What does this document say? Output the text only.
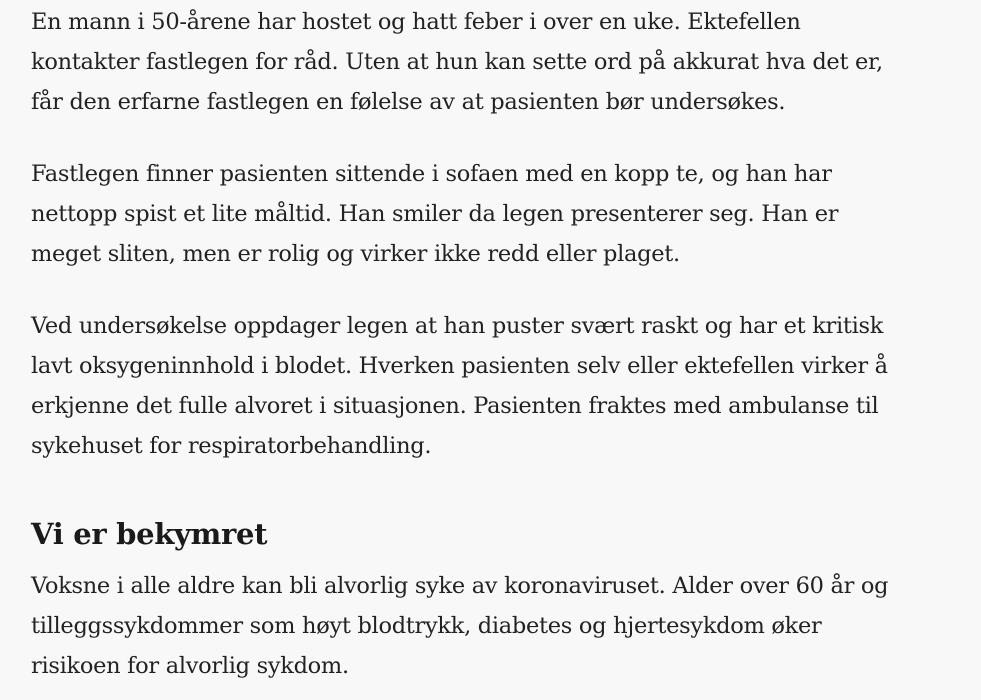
En mann i 50-årene har hostet og hatt feber i over en uke. Ektefellen
kontakter fastlegen for råd. Uten at hun kan sette ord på akkurat hva det er,
får den erfarne fastlegen en følelse av at pasienten bør undersøkes.

Fastlegen finner pasienten sittende i sofaen med en kopp te, og han har
nettopp spist et lite måltid. Han smiler da legen presenterer seg. Han er
meget sliten, men er rolig og virker ikke redd eller plaget.

Ved undersøkelse oppdager legen at han puster svært raskt og har et kritisk
lavt oksygeninnhold i blodet. Hverken pasienten selv eller ektefellen virker å
erkjenne det fulle alvoret i situasjonen. Pasienten fraktes med ambulanse til
sykehuset for respiratorbehandling.

Vi er bekymret

Voksne i alle aldre kan bli alvorlig syke av koronaviruset. Alder over 60 år og
tilleggssykdommer som høyt blodtrykk, diabetes og hjertesykdom øker
risikoen for alvorlig sykdom.
